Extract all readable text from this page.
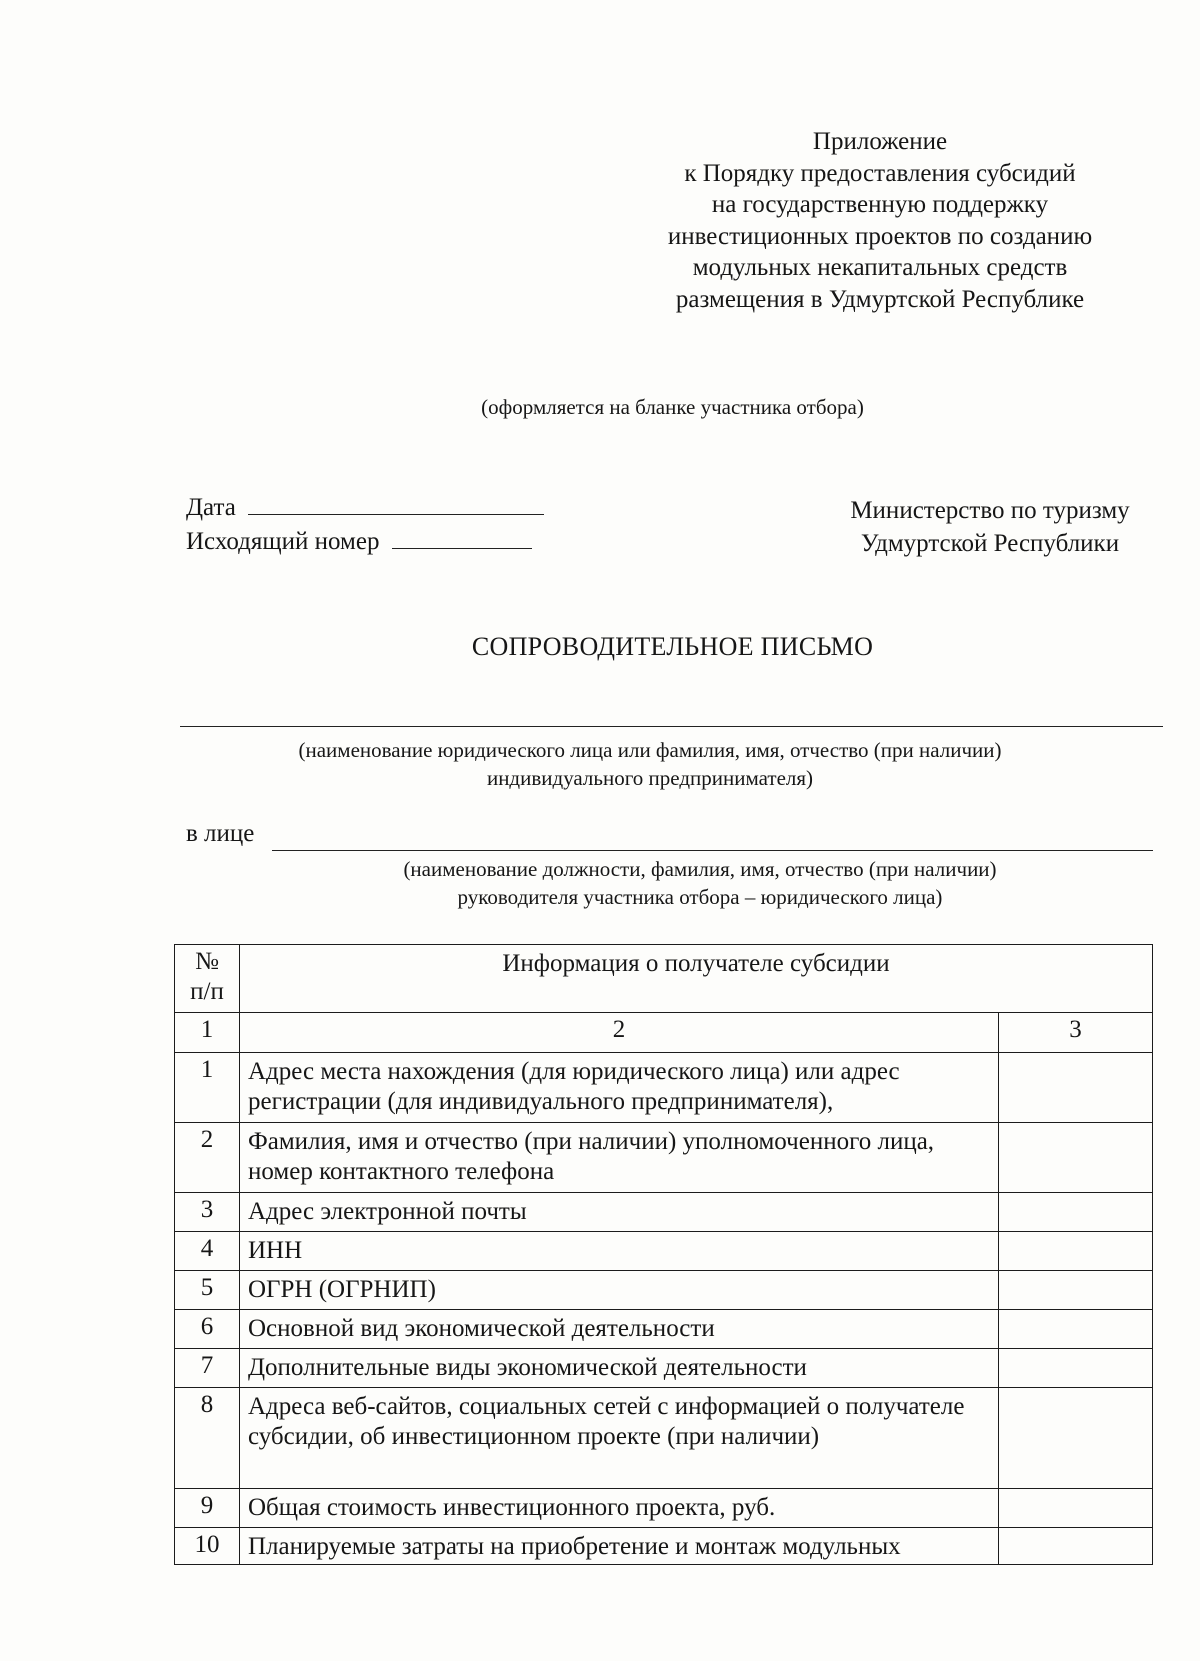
Приложение
к Порядку предоставления субсидий
на государственную поддержку
инвестиционных проектов по созданию
модульных некапитальных средств
размещения в Удмуртской Республике
(оформляется на бланке участника отбора)
Дата
Исходящий номер
Министерство по туризму
Удмуртской Республики
СОПРОВОДИТЕЛЬНОЕ ПИСЬМО
(наименование юридического лица или фамилия, имя, отчество (при наличии)
индивидуального предпринимателя)
в лице
(наименование должности, фамилия, имя, отчество (при наличии)
руководителя участника отбора – юридического лица)
№
п/п	Информация о получателе субсидии	
1	2	3
1	Адрес места нахождения (для юридического лица) или адрес регистрации (для индивидуального предпринимателя),	
2	Фамилия, имя и отчество (при наличии) уполномоченного лица, номер контактного телефона	
3	Адрес электронной почты	
4	ИНН	
5	ОГРН (ОГРНИП)	
6	Основной вид экономической деятельности	
7	Дополнительные виды экономической деятельности	
8	Адреса веб-сайтов, социальных сетей с информацией о получателе субсидии, об инвестиционном проекте (при наличии)	
9	Общая стоимость инвестиционного проекта, руб.	
10	Планируемые затраты на приобретение и монтаж модульных	
